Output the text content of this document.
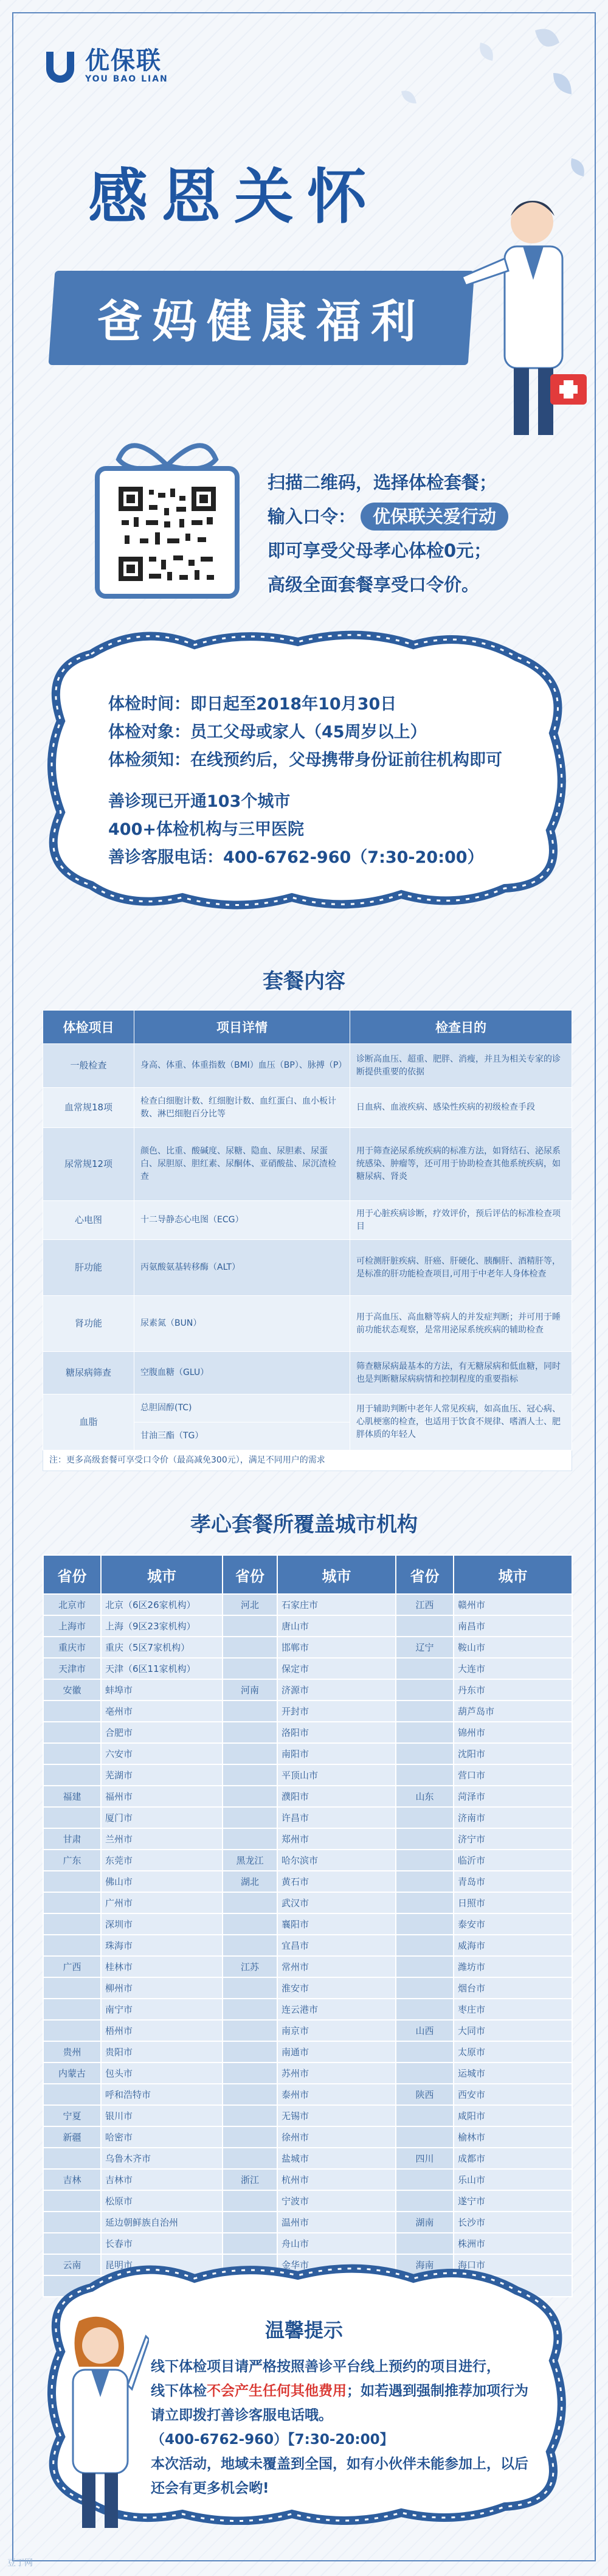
优保联
YOU BAO LIAN
感恩关怀
爸妈健康福利
扫描二维码，选择体检套餐；
输入口令： 优保联关爱行动
即可享受父母孝心体检0元；
高级全面套餐享受口令价。
体检时间：即日起至2018年10月30日
体检对象：员工父母或家人（45周岁以上）
体检须知：在线预约后，父母携带身份证前往机构即可
善诊现已开通103个城市
400+体检机构与三甲医院
善诊客服电话：400-6762-960（7:30-20:00）
套餐内容
体检项目	项目详情	检查目的
一般检查	身高、体重、体重指数（BMI）血压（BP）、脉搏（P）	诊断高血压、超重、肥胖、消瘦，并且为相关专家的诊断提供重要的依据
血常规18项	检查白细胞计数、红细胞计数、血红蛋白、血小板计数、淋巴细胞百分比等	日血病、血液疾病、感染性疾病的初级检查手段
尿常规12项	颜色、比重、酸碱度、尿糖、隐血、尿胆素、尿蛋白、尿胆原、胆红素、尿酮体、亚硝酸盐、尿沉渣检查	用于筛查泌尿系统疾病的标准方法，如肾结石、泌尿系统感染、肿瘤等，还可用于协助检查其他系统疾病，如糖尿病、肾炎
心电图	十二导静态心电图（ECG）	用于心脏疾病诊断，疗效评价，预后评估的标准检查项目
肝功能	丙氨酸氨基转移酶（ALT）	可检测肝脏疾病、肝癌、肝硬化、胰酮肝、酒精肝等，是标准的肝功能检查项目,可用于中老年人身体检查
肾功能	尿素氮（BUN）	用于高血压、高血糖等病人的并发症判断；并可用于睡前功能状态观察，是常用泌尿系统疾病的辅助检查
糖尿病筛查	空腹血糖（GLU）	筛查糖尿病最基本的方法，有无糖尿病和低血糖，同时也是判断糖尿病病情和控制程度的重要指标
血脂	总胆固醇(TC)	用于辅助判断中老年人常见疾病，如高血压、冠心病、心肌梗塞的检查，也适用于饮食不规律、嗜酒人士、肥胖体质的年轻人
	甘油三酯（TG）	
注：更多高级套餐可享受口令价（最高减免300元），满足不同用户的需求		
孝心套餐所覆盖城市机构
省份	城市	省份	城市	省份	城市
北京市	北京（6区26家机构）	河北	石家庄市	江西	赣州市
上海市	上海（9区23家机构）		唐山市		南昌市
重庆市	重庆（5区7家机构）		邯郸市	辽宁	鞍山市
天津市	天津（6区11家机构）		保定市		大连市
安徽	蚌埠市	河南	济源市		丹东市
	亳州市		开封市		葫芦岛市
	合肥市		洛阳市		锦州市
	六安市		南阳市		沈阳市
	芜湖市		平顶山市		营口市
福建	福州市		濮阳市	山东	菏泽市
	厦门市		许昌市		济南市
甘肃	兰州市		郑州市		济宁市
广东	东莞市	黑龙江	哈尔滨市		临沂市
	佛山市	湖北	黄石市		青岛市
	广州市		武汉市		日照市
	深圳市		襄阳市		泰安市
	珠海市		宜昌市		威海市
广西	桂林市	江苏	常州市		潍坊市
	柳州市		淮安市		烟台市
	南宁市		连云港市		枣庄市
	梧州市		南京市	山西	大同市
贵州	贵阳市		南通市		太原市
内蒙古	包头市		苏州市		运城市
	呼和浩特市		泰州市	陕西	西安市
宁夏	银川市		无锡市		咸阳市
新疆	哈密市		徐州市		榆林市
	乌鲁木齐市		盐城市	四川	成都市
吉林	吉林市	浙江	杭州市		乐山市
	松原市		宁波市		遂宁市
	延边朝鲜族自治州		温州市	湖南	长沙市
	长春市		舟山市		株洲市
云南	昆明市		金华市	海南	海口市

温馨提示
线下体检项目请严格按照善诊平台线上预约的项目进行，
线下体检不会产生任何其他费用；如若遇到强制推荐加项行为请立即拨打善诊客服电话哦。
（400-6762-960）【7:30-20:00】
本次活动，地域未覆盖到全国，如有小伙伴未能参加上，以后还会有更多机会哟!
豆丁网
